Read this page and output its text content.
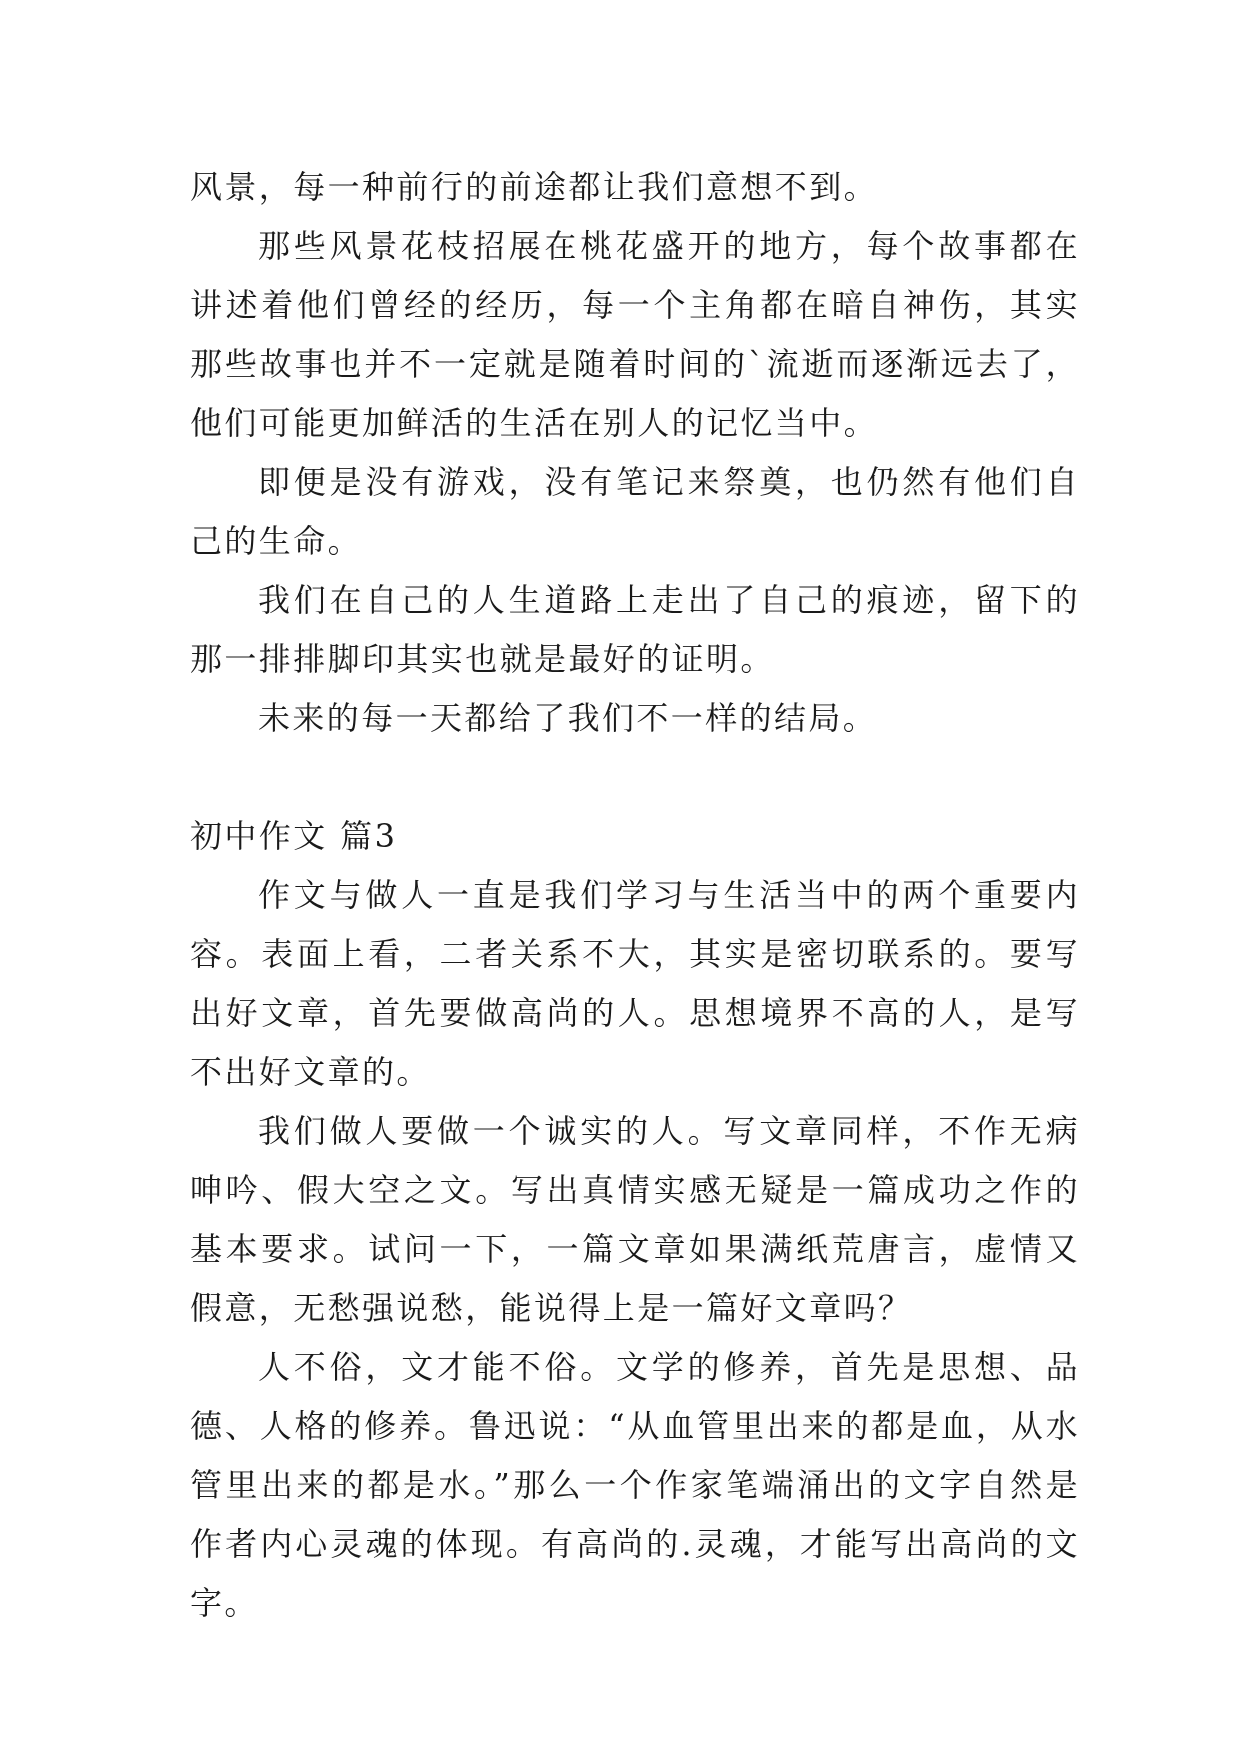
风景，每一种前行的前途都让我们意想不到。

那些风景花枝招展在桃花盛开的地方，每个故事都在讲述着他们曾经的经历，每一个主角都在暗自神伤，其实那些故事也并不一定就是随着时间的`流逝而逐渐远去了，他们可能更加鲜活的生活在别人的记忆当中。

即便是没有游戏，没有笔记来祭奠，也仍然有他们自己的生命。

我们在自己的人生道路上走出了自己的痕迹，留下的那一排排脚印其实也就是最好的证明。

未来的每一天都给了我们不一样的结局。

初中作文 篇3

作文与做人一直是我们学习与生活当中的两个重要内容。表面上看，二者关系不大，其实是密切联系的。要写出好文章，首先要做高尚的人。思想境界不高的人，是写不出好文章的。

我们做人要做一个诚实的人。写文章同样，不作无病呻吟、假大空之文。写出真情实感无疑是一篇成功之作的基本要求。试问一下，一篇文章如果满纸荒唐言，虚情又假意，无愁强说愁，能说得上是一篇好文章吗？

人不俗，文才能不俗。文学的修养，首先是思想、品德、人格的修养。鲁迅说：“从血管里出来的都是血，从水管里出来的都是水。”那么一个作家笔端涌出的文字自然是作者内心灵魂的体现。有高尚的.灵魂，才能写出高尚的文字。
